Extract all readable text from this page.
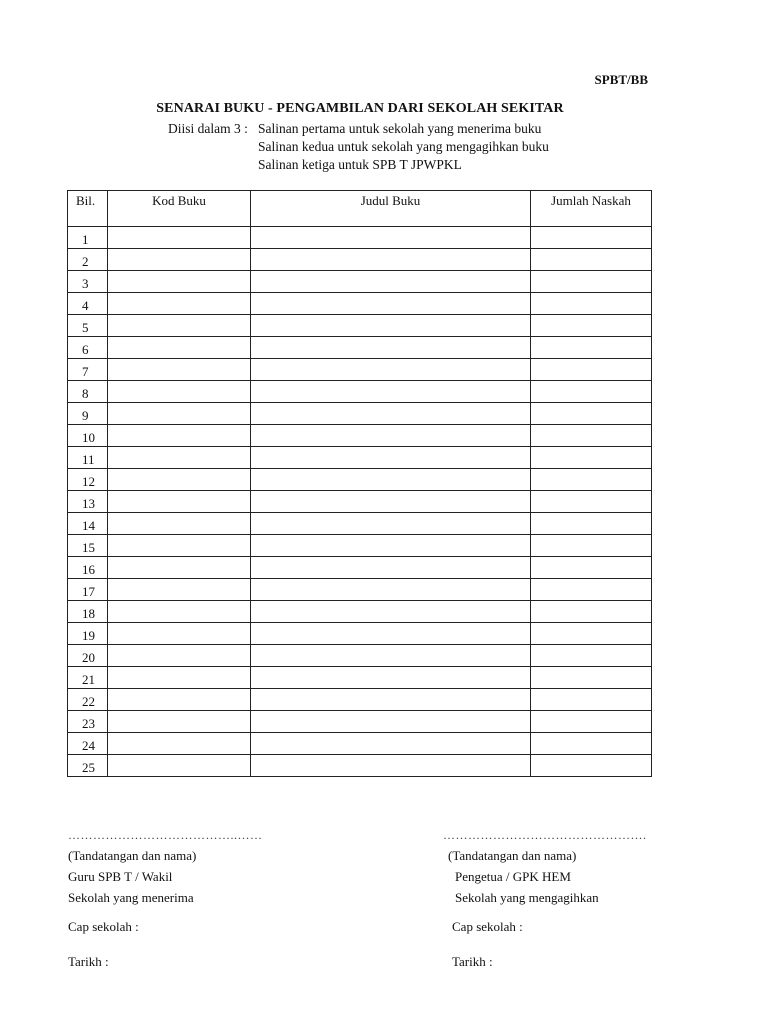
SPBT/BB
SENARAI BUKU - PENGAMBILAN DARI SEKOLAH SEKITAR
Diisi dalam 3 : Salinan pertama untuk sekolah yang menerima buku
Salinan kedua untuk sekolah yang mengagihkan buku
Salinan ketiga untuk SPB T JPWPKL
Bil.	Kod Buku	Judul Buku	Jumlah Naskah
1			
2			
3			
4			
5			
6			
7			
8			
9			
10			
11			
12			
13			
14			
15			
16			
17			
18			
19			
20			
21			
22			
23			
24			
25			
…………………………………..……
(Tandatangan dan nama)
Guru SPB T / Wakil
Sekolah yang menerima
Cap sekolah :
Tarikh :
………………………………………….
(Tandatangan dan nama)
Pengetua / GPK HEM
Sekolah yang mengagihkan
Cap sekolah :
Tarikh :
